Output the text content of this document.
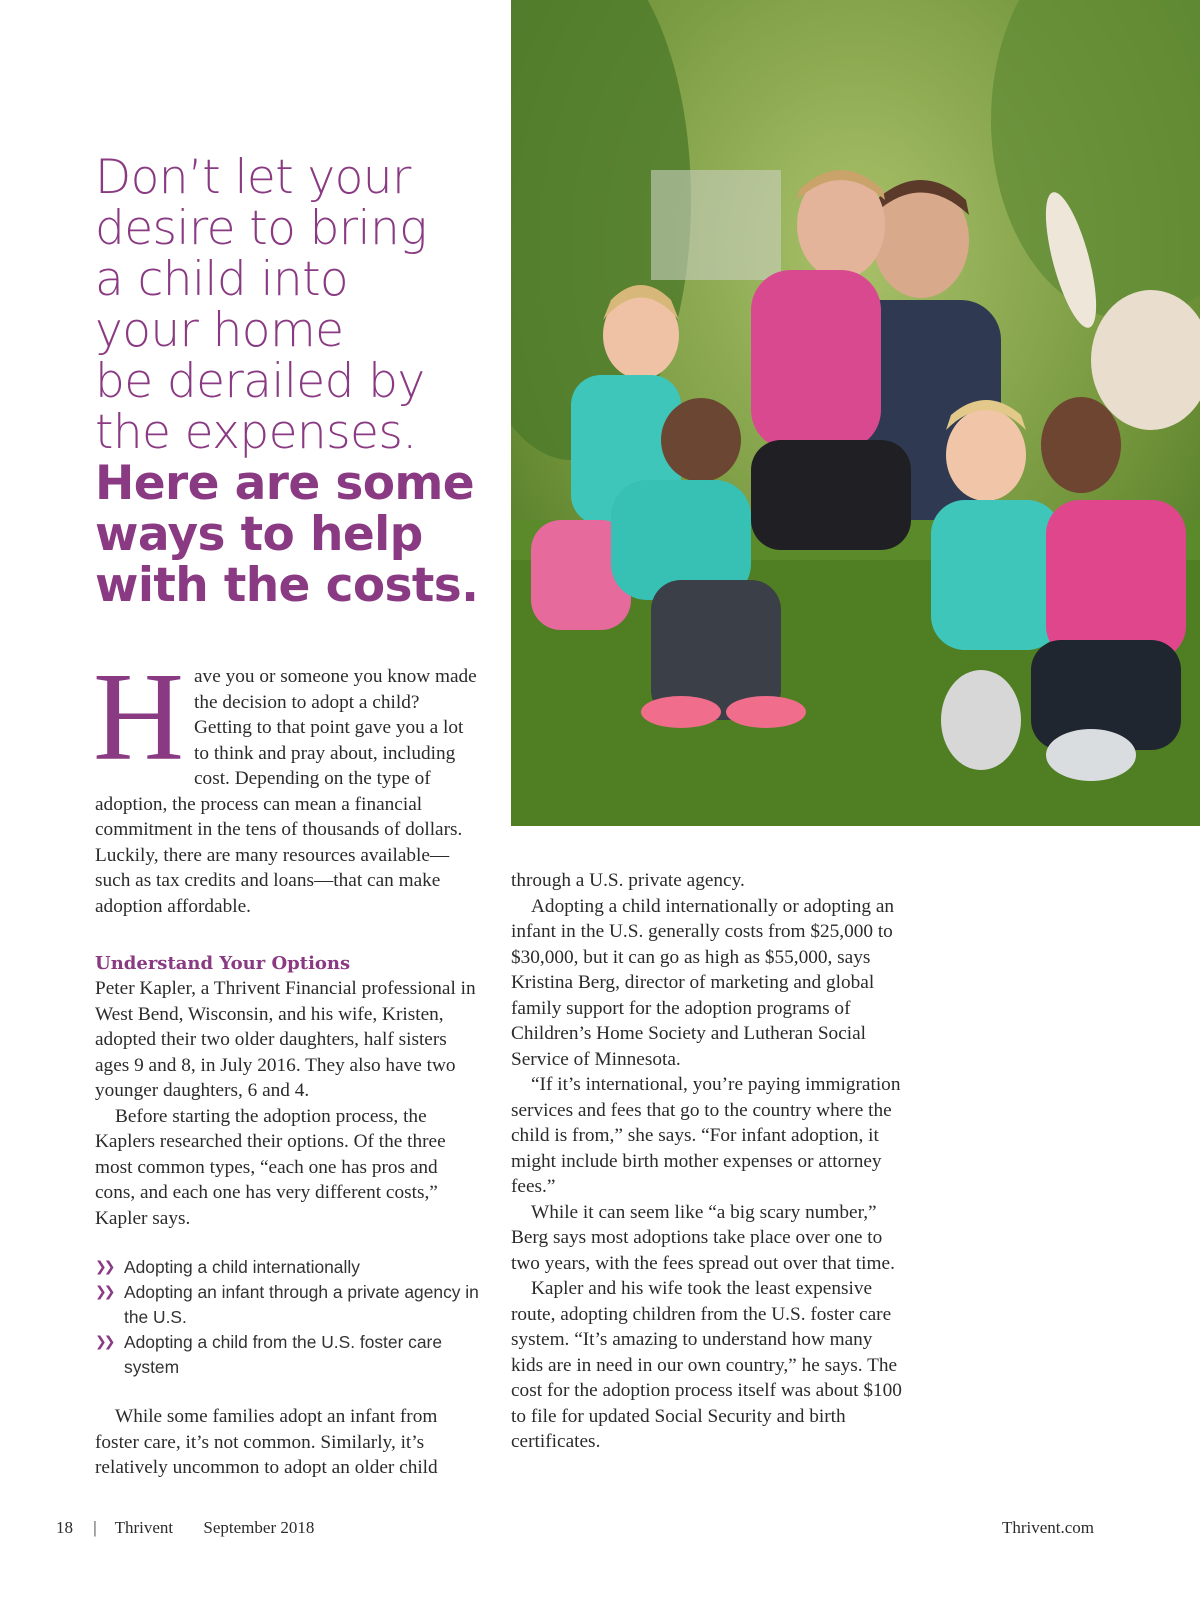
Don’t let your
desire to bring
a child into
your home
be derailed by
the expenses.
Here are some
ways to help
with the costs.
H ave you or someone you know made the decision to adopt a child? Getting to that point gave you a lot to think and pray about, including cost. Depending on the type of adoption, the process can mean a financial commitment in the tens of thousands of dollars. Luckily, there are many resources available—such as tax credits and loans—that can make adoption affordable.

Understand Your Options

Peter Kapler, a Thrivent Financial professional in West Bend, Wisconsin, and his wife, Kristen, adopted their two older daughters, half sisters ages 9 and 8, in July 2016. They also have two younger daughters, 6 and 4.

Before starting the adoption process, the Kaplers researched their options. Of the three most common types, “each one has pros and cons, and each one has very different costs,” Kapler says.

❯❯ Adopting a child internationally
❯❯ Adopting an infant through a private agency in the U.S.
❯❯ Adopting a child from the U.S. foster care system

While some families adopt an infant from foster care, it’s not common. Similarly, it’s relatively uncommon to adopt an older child

through a U.S. private agency.

Adopting a child internationally or adopting an infant in the U.S. generally costs from $25,000 to $30,000, but it can go as high as $55,000, says Kristina Berg, director of marketing and global family support for the adoption programs of Children’s Home Society and Lutheran Social Service of Minnesota.

“If it’s international, you’re paying immigration services and fees that go to the country where the child is from,” she says. “For infant adoption, it might include birth mother expenses or attorney fees.”

While it can seem like “a big scary number,” Berg says most adoptions take place over one to two years, with the fees spread out over that time.

Kapler and his wife took the least expensive route, adopting children from the U.S. foster care system. “It’s amazing to understand how many kids are in need in our own country,” he says. The cost for the adoption process itself was about $100 to file for updated Social Security and birth certificates.

18 | Thrivent September 2018	Thrivent.com
